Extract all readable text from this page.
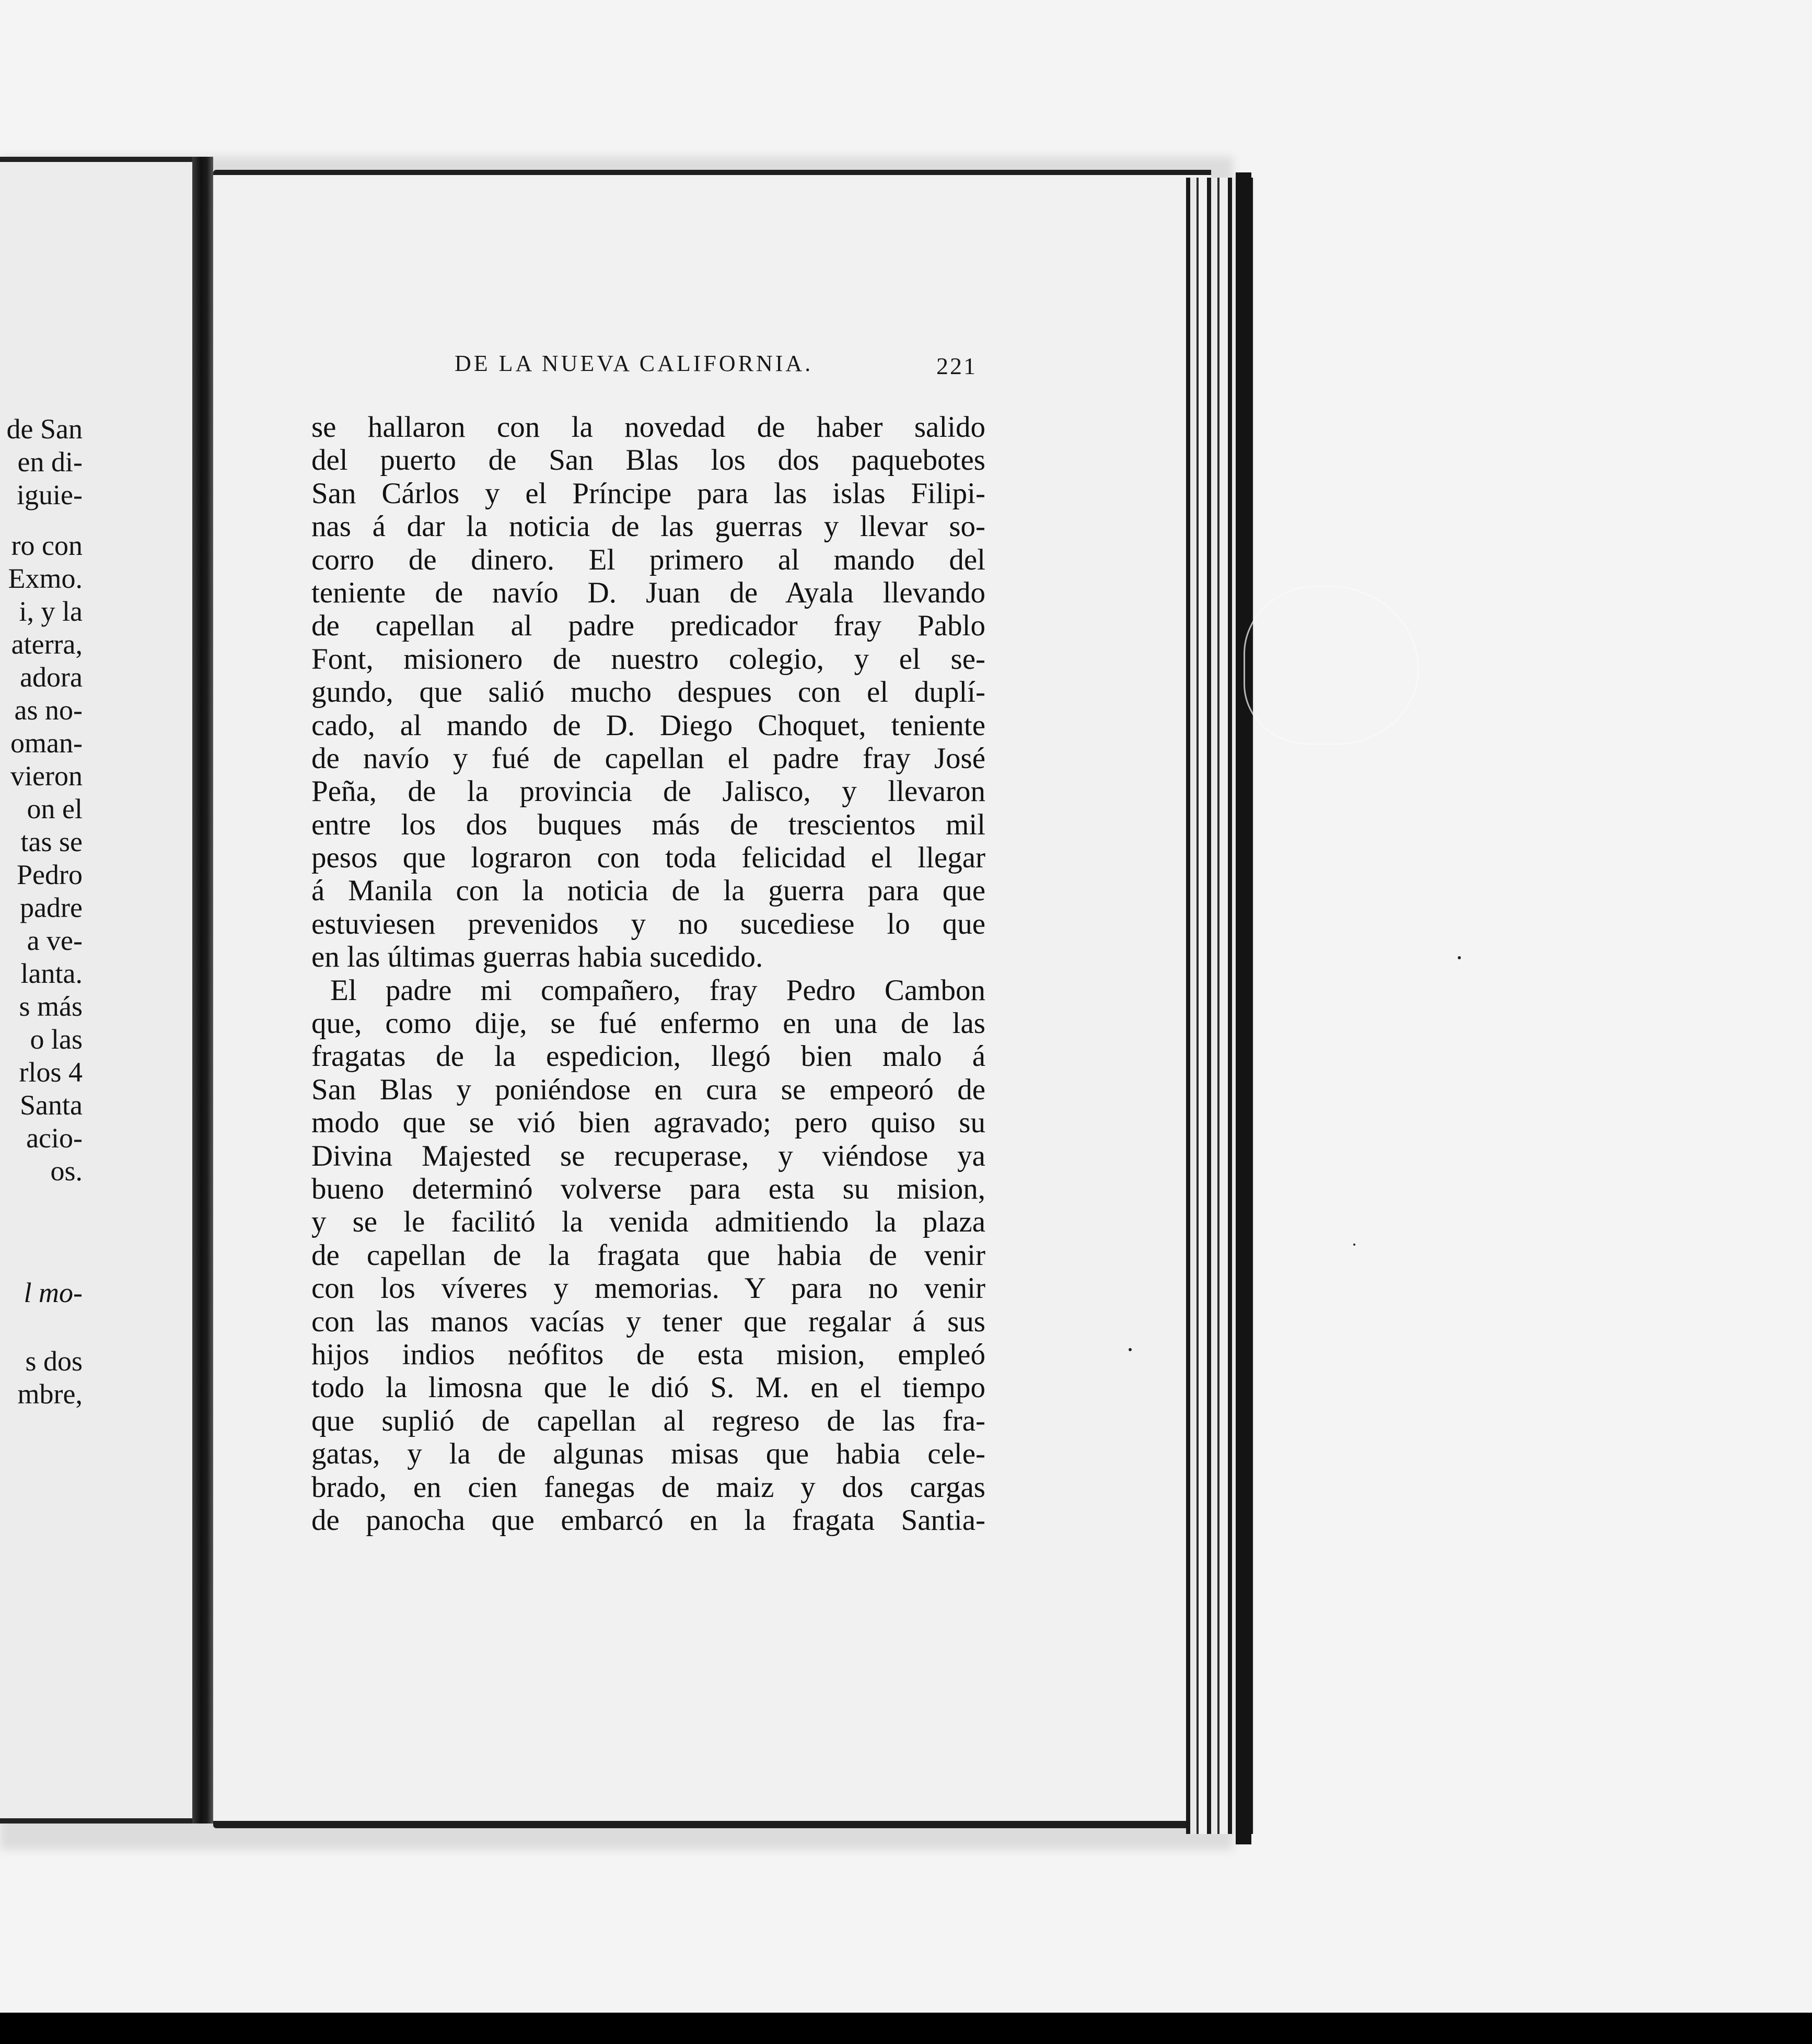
de San
en di-
iguie-
ro con
Exmo.
i, y la
aterra,
adora
as no-
oman-
vieron
on el
tas se
Pedro
padre
a ve-
lanta.
s más
o las
rlos 4
Santa
acio-
os.
l mo-
s dos
mbre,
DE LA NUEVA CALIFORNIA.	221
se hallaron con la novedad de haber salido
del puerto de San Blas los dos paquebotes
San Cárlos y el Príncipe para las islas Filipi-
nas á dar la noticia de las guerras y llevar so-
corro de dinero. El primero al mando del
teniente de navío D. Juan de Ayala llevando
de capellan al padre predicador fray Pablo
Font, misionero de nuestro colegio, y el se-
gundo, que salió mucho despues con el duplí-
cado, al mando de D. Diego Choquet, teniente
de navío y fué de capellan el padre fray José
Peña, de la provincia de Jalisco, y llevaron
entre los dos buques más de trescientos mil
pesos que lograron con toda felicidad el llegar
á Manila con la noticia de la guerra para que
estuviesen prevenidos y no sucediese lo que
en las últimas guerras habia sucedido.
El padre mi compañero, fray Pedro Cambon
que, como dije, se fué enfermo en una de las
fragatas de la espedicion, llegó bien malo á
San Blas y poniéndose en cura se empeoró de
modo que se vió bien agravado; pero quiso su
Divina Majested se recuperase, y viéndose ya
bueno determinó volverse para esta su mision,
y se le facilitó la venida admitiendo la plaza
de capellan de la fragata que habia de venir
con los víveres y memorias. Y para no venir
con las manos vacías y tener que regalar á sus
hijos indios neófitos de esta mision, empleó
todo la limosna que le dió S. M. en el tiempo
que suplió de capellan al regreso de las fra-
gatas, y la de algunas misas que habia cele-
brado, en cien fanegas de maiz y dos cargas
de panocha que embarcó en la fragata Santia-
